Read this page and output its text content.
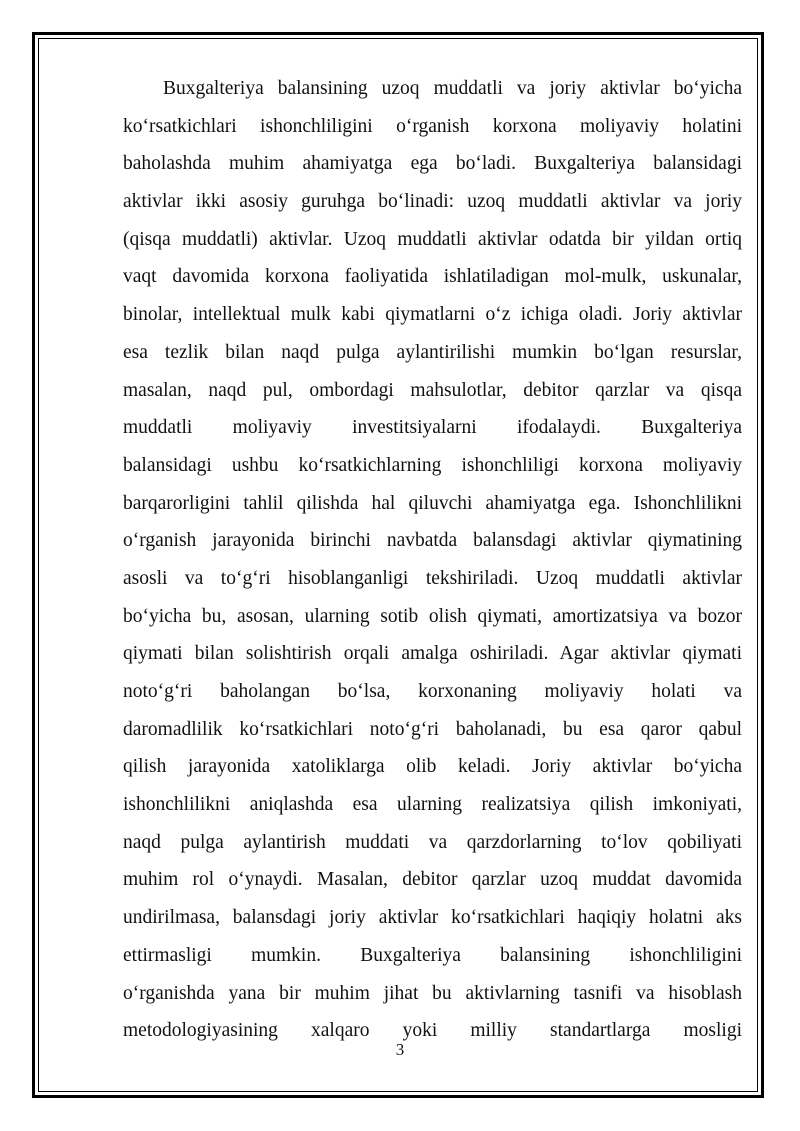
Buxgalteriya balansining uzoq muddatli va joriy aktivlar bo‘yicha
ko‘rsatkichlari ishonchliligini o‘rganish korxona moliyaviy holatini
baholashda muhim ahamiyatga ega bo‘ladi. Buxgalteriya balansidagi
aktivlar ikki asosiy guruhga bo‘linadi: uzoq muddatli aktivlar va joriy
(qisqa muddatli) aktivlar. Uzoq muddatli aktivlar odatda bir yildan ortiq
vaqt davomida korxona faoliyatida ishlatiladigan mol-mulk, uskunalar,
binolar, intellektual mulk kabi qiymatlarni o‘z ichiga oladi. Joriy aktivlar
esa tezlik bilan naqd pulga aylantirilishi mumkin bo‘lgan resurslar,
masalan, naqd pul, ombordagi mahsulotlar, debitor qarzlar va qisqa
muddatli moliyaviy investitsiyalarni ifodalaydi. Buxgalteriya
balansidagi ushbu ko‘rsatkichlarning ishonchliligi korxona moliyaviy
barqarorligini tahlil qilishda hal qiluvchi ahamiyatga ega. Ishonchlilikni
o‘rganish jarayonida birinchi navbatda balansdagi aktivlar qiymatining
asosli va to‘g‘ri hisoblanganligi tekshiriladi. Uzoq muddatli aktivlar
bo‘yicha bu, asosan, ularning sotib olish qiymati, amortizatsiya va bozor
qiymati bilan solishtirish orqali amalga oshiriladi. Agar aktivlar qiymati
noto‘g‘ri baholangan bo‘lsa, korxonaning moliyaviy holati va
daromadlilik ko‘rsatkichlari noto‘g‘ri baholanadi, bu esa qaror qabul
qilish jarayonida xatoliklarga olib keladi. Joriy aktivlar bo‘yicha
ishonchlilikni aniqlashda esa ularning realizatsiya qilish imkoniyati,
naqd pulga aylantirish muddati va qarzdorlarning to‘lov qobiliyati
muhim rol o‘ynaydi. Masalan, debitor qarzlar uzoq muddat davomida
undirilmasa, balansdagi joriy aktivlar ko‘rsatkichlari haqiqiy holatni aks
ettirmasligi mumkin. Buxgalteriya balansining ishonchliligini
o‘rganishda yana bir muhim jihat bu aktivlarning tasnifi va hisoblash
metodologiyasining xalqaro yoki milliy standartlarga mosligi
3
